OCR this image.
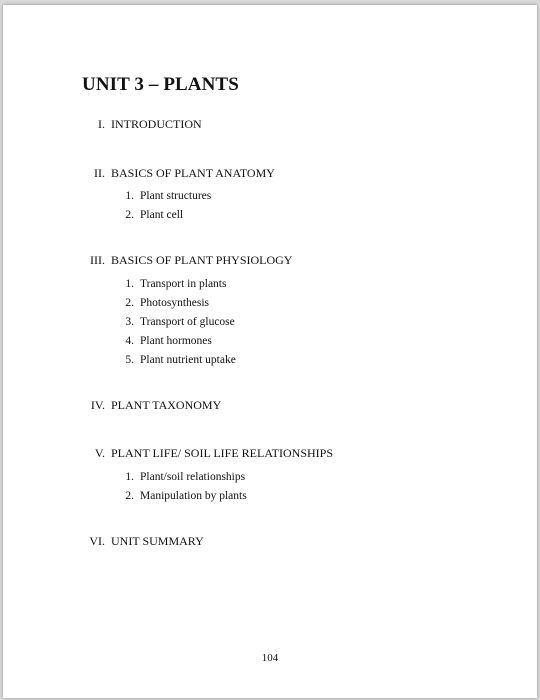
UNIT 3 – PLANTS
I. INTRODUCTION
II. BASICS OF PLANT ANATOMY
1. Plant structures
2. Plant cell
III. BASICS OF PLANT PHYSIOLOGY
1. Transport in plants
2. Photosynthesis
3. Transport of glucose
4. Plant hormones
5. Plant nutrient uptake
IV. PLANT TAXONOMY
V. PLANT LIFE/ SOIL LIFE RELATIONSHIPS
1. Plant/soil relationships
2. Manipulation by plants
VI. UNIT SUMMARY
104
